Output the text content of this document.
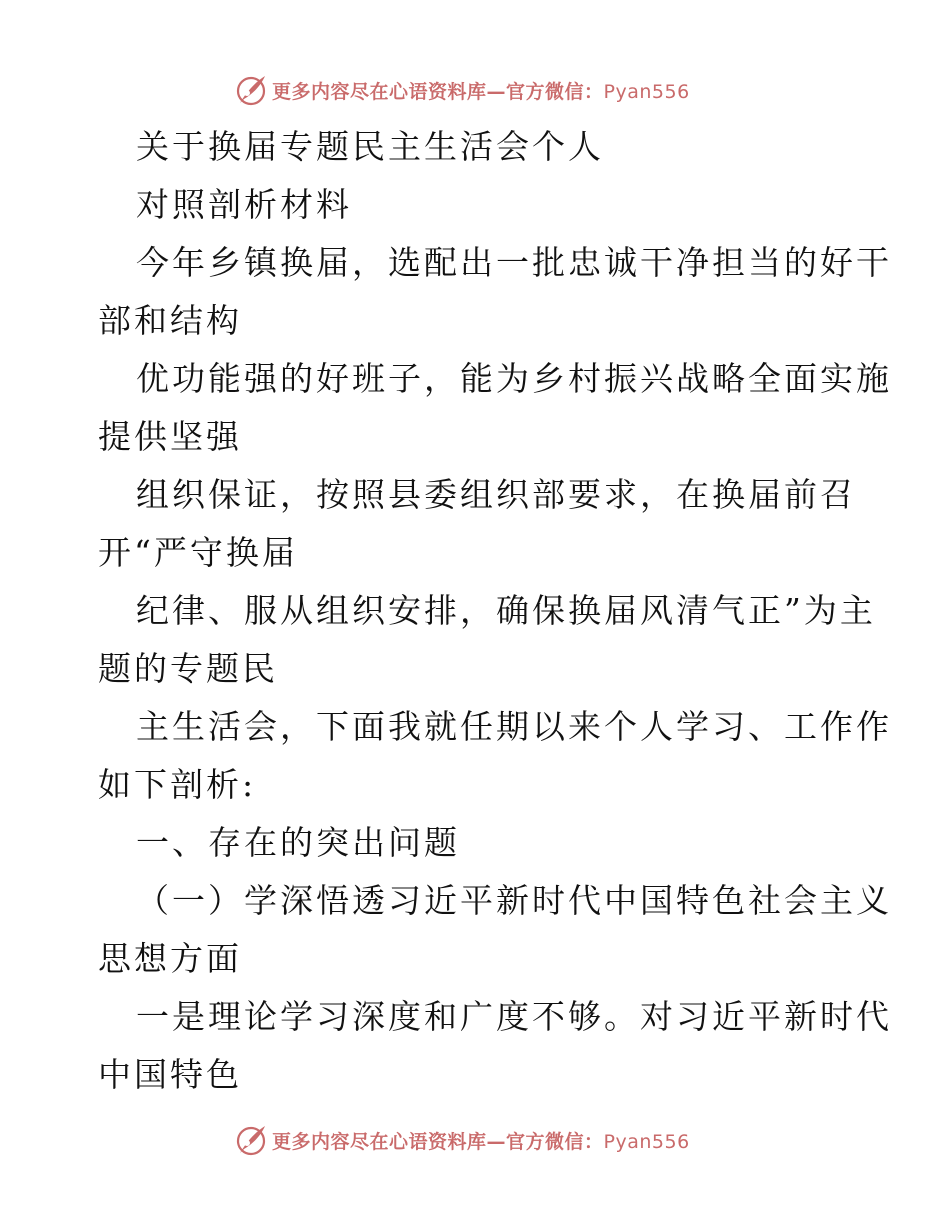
更多内容尽在心语资料库—官方微信：Pyan556
关于换届专题民主生活会个人
对照剖析材料
今年乡镇换届，选配出一批忠诚干净担当的好干
部和结构
优功能强的好班子，能为乡村振兴战略全面实施
提供坚强
组织保证，按照县委组织部要求，在换届前召
开“严守换届
纪律、服从组织安排，确保换届风清气正”为主
题的专题民
主生活会，下面我就任期以来个人学习、工作作
如下剖析:
一、存在的突出问题
（一）学深悟透习近平新时代中国特色社会主义
思想方面
一是理论学习深度和广度不够。对习近平新时代
中国特色
更多内容尽在心语资料库—官方微信：Pyan556
